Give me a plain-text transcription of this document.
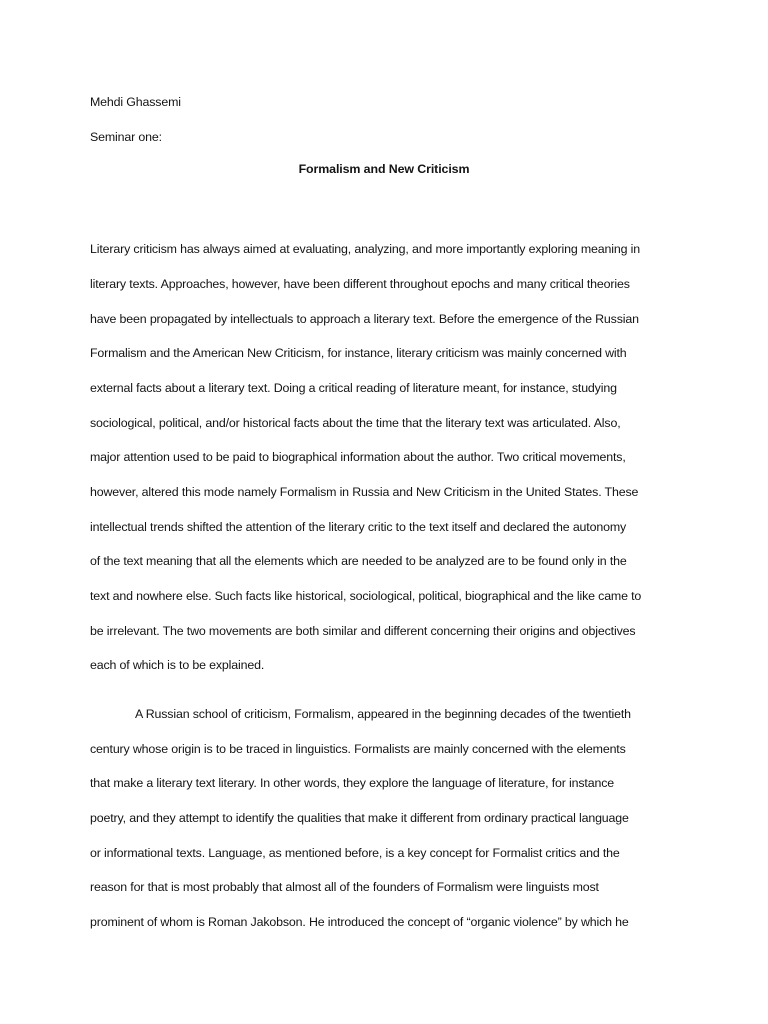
Mehdi Ghassemi
Seminar one:
Formalism and New Criticism
Literary criticism has always aimed at evaluating, analyzing, and more importantly exploring meaning in
literary texts. Approaches, however, have been different throughout epochs and many critical theories
have been propagated by intellectuals to approach a literary text. Before the emergence of the Russian
Formalism and the American New Criticism, for instance, literary criticism was mainly concerned with
external facts about a literary text. Doing a critical reading of literature meant, for instance, studying
sociological, political, and/or historical facts about the time that the literary text was articulated. Also,
major attention used to be paid to biographical information about the author. Two critical movements,
however, altered this mode namely Formalism in Russia and New Criticism in the United States. These
intellectual trends shifted the attention of the literary critic to the text itself and declared the autonomy
of the text meaning that all the elements which are needed to be analyzed are to be found only in the
text and nowhere else. Such facts like historical, sociological, political, biographical and the like came to
be irrelevant. The two movements are both similar and different concerning their origins and objectives
each of which is to be explained.
A Russian school of criticism, Formalism, appeared in the beginning decades of the twentieth
century whose origin is to be traced in linguistics. Formalists are mainly concerned with the elements
that make a literary text literary. In other words, they explore the language of literature, for instance
poetry, and they attempt to identify the qualities that make it different from ordinary practical language
or informational texts. Language, as mentioned before, is a key concept for Formalist critics and the
reason for that is most probably that almost all of the founders of Formalism were linguists most
prominent of whom is Roman Jakobson. He introduced the concept of “organic violence” by which he
